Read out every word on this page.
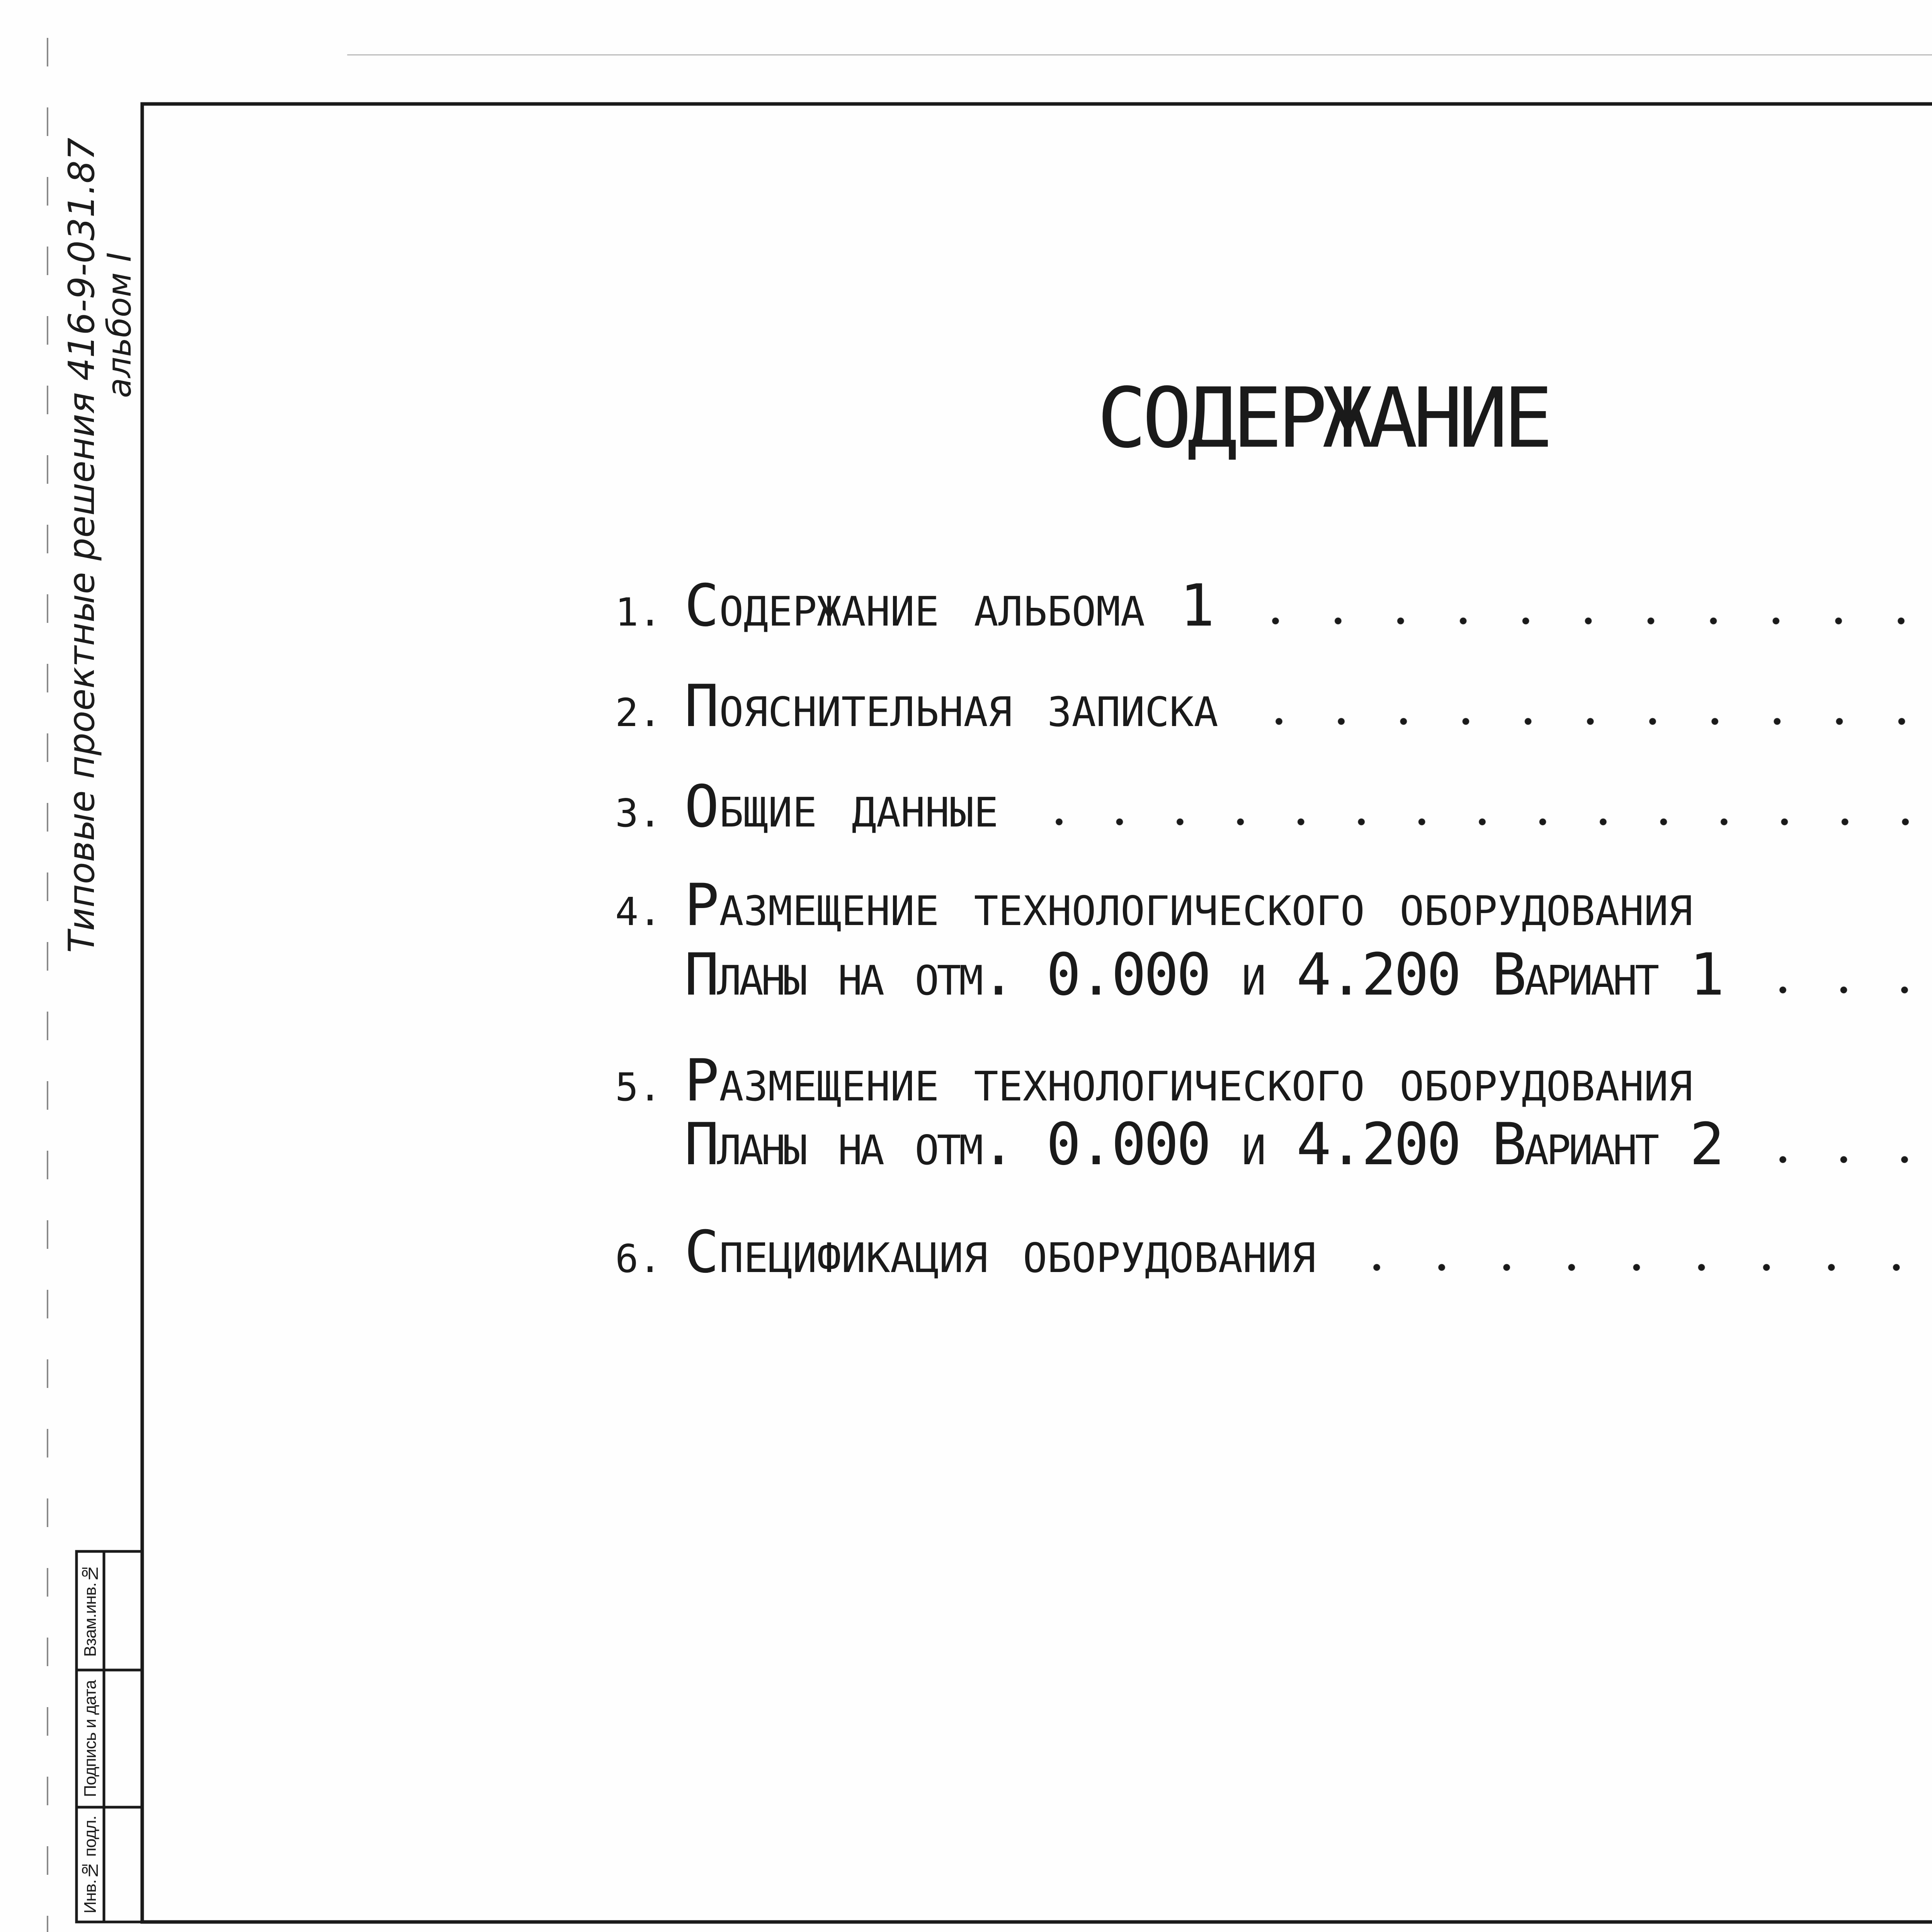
Типовые проектные решения 416-9-031.87
альбом I
Взам.инв.№
Подпись и дата
Инв.№ подл.
СОДЕРЖАНИЕ
1. Содержание альбома 1
2. Пояснительная записка
3. Общие данные
4. Размещение технологического оборудования
Планы на отм. 0.000 и 4.200 Вариант 1
5. Размещение технологического оборудования
Планы на отм. 0.000 и 4.200 Вариант 2
6. Спецификация оборудования
